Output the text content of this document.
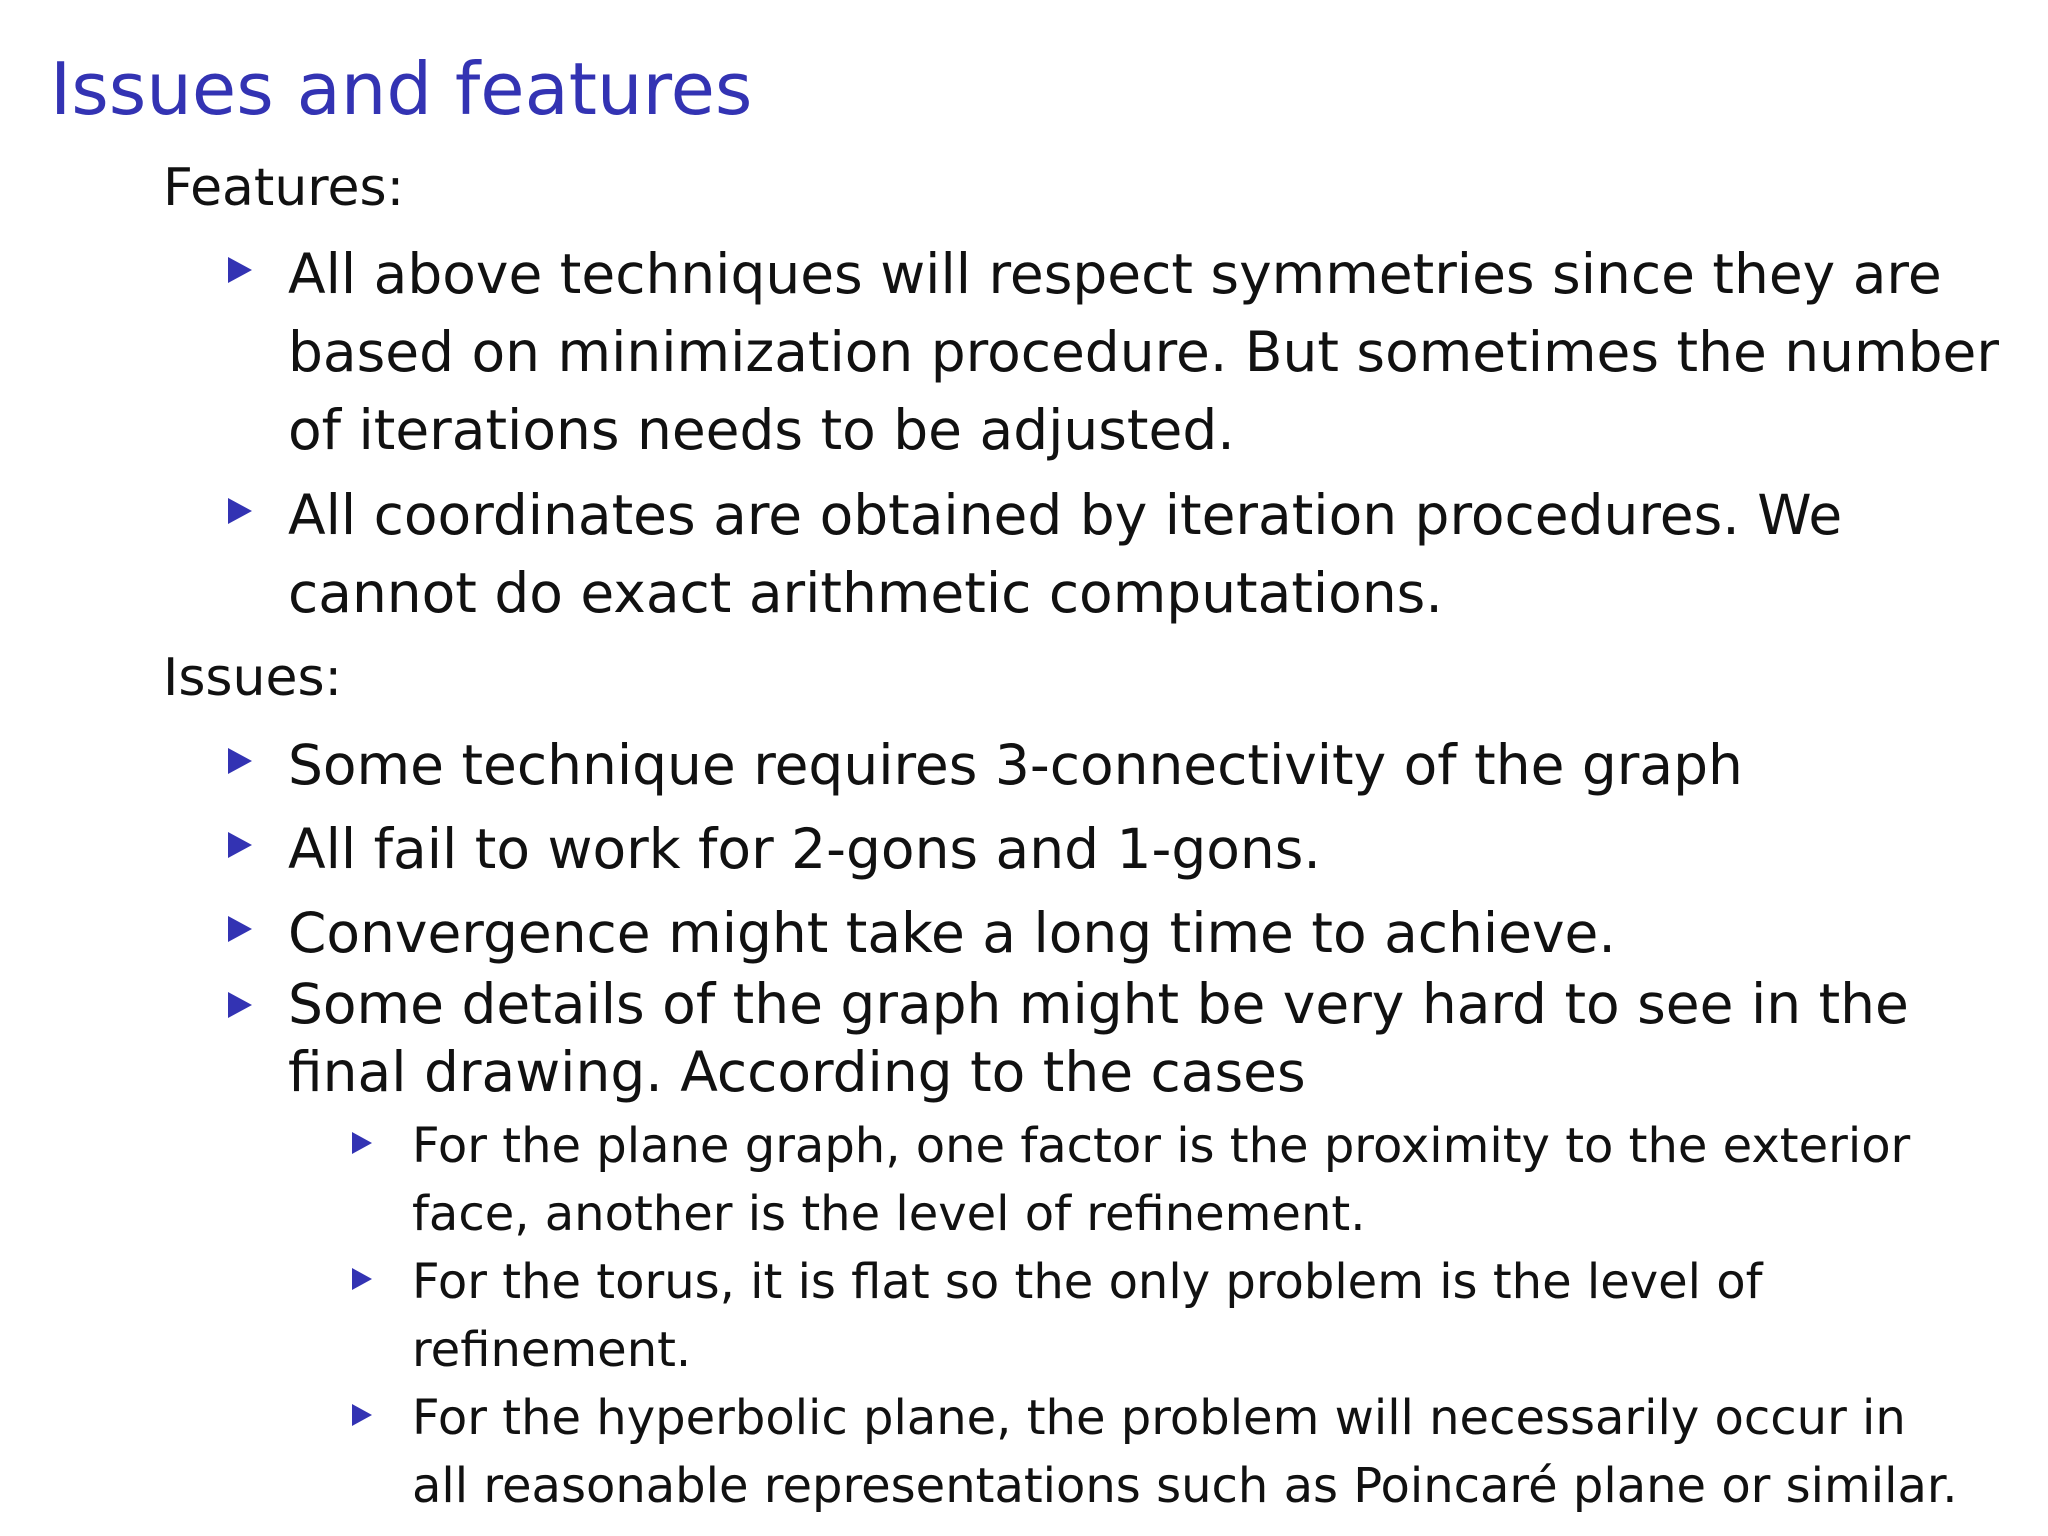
Issues and features
Features:
All above techniques will respect symmetries since they are
based on minimization procedure. But sometimes the number
of iterations needs to be adjusted.
All coordinates are obtained by iteration procedures. We
cannot do exact arithmetic computations.
Issues:
Some technique requires 3-connectivity of the graph
All fail to work for 2-gons and 1-gons.
Convergence might take a long time to achieve.
Some details of the graph might be very hard to see in the
final drawing. According to the cases
For the plane graph, one factor is the proximity to the exterior
face, another is the level of refinement.
For the torus, it is flat so the only problem is the level of
refinement.
For the hyperbolic plane, the problem will necessarily occur in
all reasonable representations such as Poincaré plane or similar.
